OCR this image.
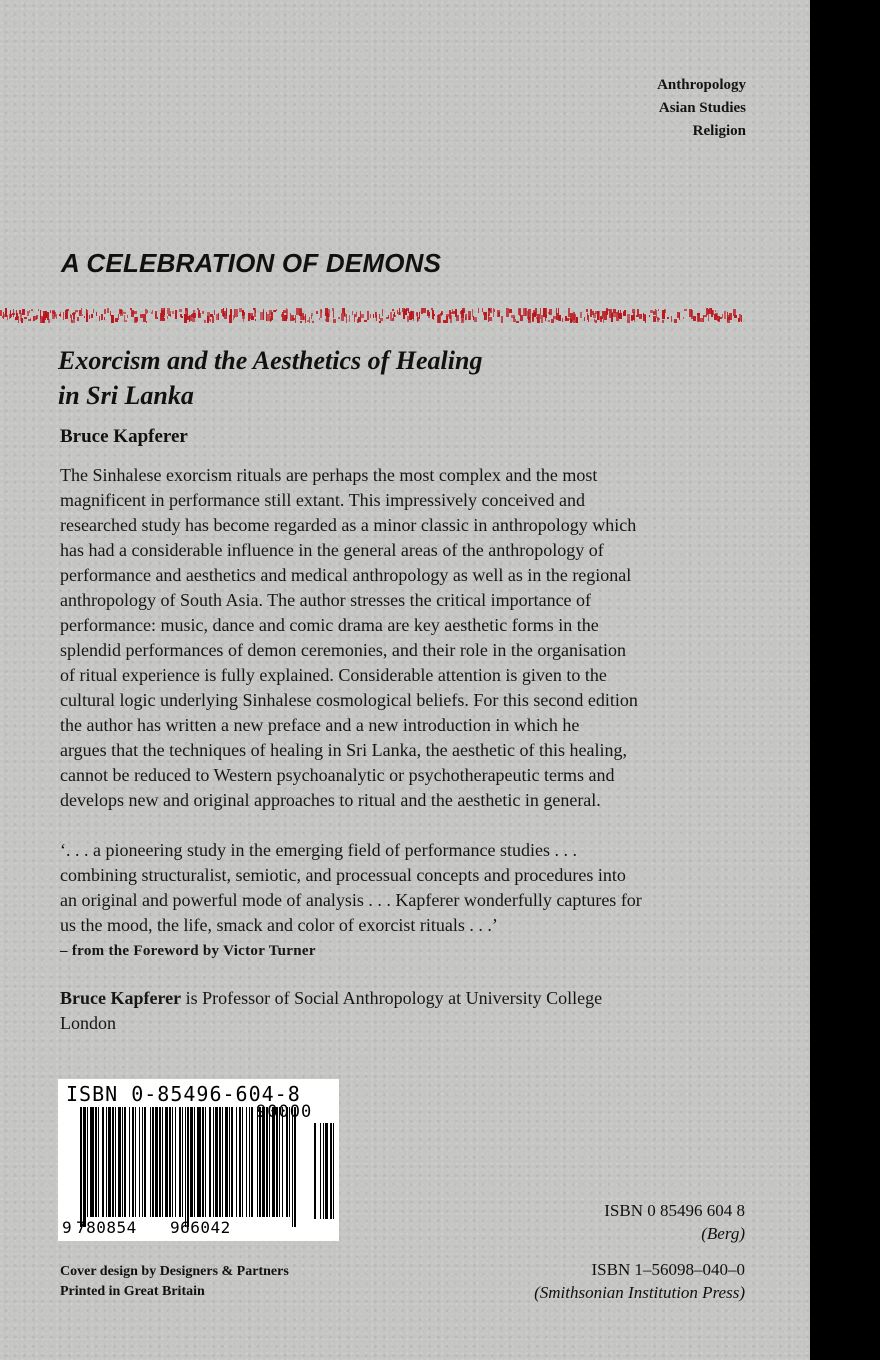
Anthropology
Asian Studies
Religion
A CELEBRATION OF DEMONS
Exorcism and the Aesthetics of Healing
in Sri Lanka
Bruce Kapferer
The Sinhalese exorcism rituals are perhaps the most complex and the most
magnificent in performance still extant. This impressively conceived and
researched study has become regarded as a minor classic in anthropology which
has had a considerable influence in the general areas of the anthropology of
performance and aesthetics and medical anthropology as well as in the regional
anthropology of South Asia. The author stresses the critical importance of
performance: music, dance and comic drama are key aesthetic forms in the
splendid performances of demon ceremonies, and their role in the organisation
of ritual experience is fully explained. Considerable attention is given to the
cultural logic underlying Sinhalese cosmological beliefs. For this second edition
the author has written a new preface and a new introduction in which he
argues that the techniques of healing in Sri Lanka, the aesthetic of this healing,
cannot be reduced to Western psychoanalytic or psychotherapeutic terms and
develops new and original approaches to ritual and the aesthetic in general.
‘. . . a pioneering study in the emerging field of performance studies . . .
combining structuralist, semiotic, and processual concepts and procedures into
an original and powerful mode of analysis . . . Kapferer wonderfully captures for
us the mood, the life, smack and color of exorcist rituals . . .’
– from the Foreword by Victor Turner
Bruce Kapferer is Professor of Social Anthropology at University College
London
ISBN 0-85496-604-8
90000
9 780854 966042
Cover design by Designers & Partners
Printed in Great Britain
ISBN 0 85496 604 8
(Berg)
ISBN 1–56098–040–0
(Smithsonian Institution Press)
